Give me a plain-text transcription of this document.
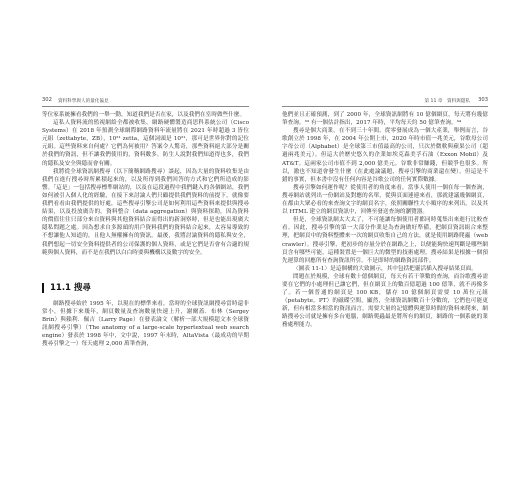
302 資料科學與人的量化偏見

等位家系統擁看我們的一舉一動，知道我們是否在家，以及我們在室時做些什麼。

這私人資料流的監視網絡全都被收集、網路硬體製造商思科系統公司（Cisco Systems）在 2018 年預測全球網際網路資料年流量將在 2021 年時超過 3 皆位元組（zettabyte，ZB），10²¹ zetta，這個詞頭是 10²¹，那可是世界你對的記位元組。這些資料來自何處？它們為何被用？答案令人驚奇，那些資料絕大部分是關於我們的資訊，但不讓我們使用的，資料數多，防生人說對我們知道得也多，我們的隱私及安全與隱而會有關。

我將從全球資訊網搜尋（以下簡稱網路搜尋）談起，因為大量的資料收集是由我們在進行搜尋時所累積起來的，以及所得到我們回答的方式和它們所造成的影響。「這是」一包括搜尋標準網站的，以及在這段過程中我們鍵入的各個網站，我們如何被引入個人化的經驗，在接下來討論人們只顧提供我們資料的前提下，就像要我們看看由我們提供的好處，這些搜尋引擎公司是如何利用這些資料來提供與搜尋結果，以及投放廣告的。資料整合（data aggregation）與資料探勘，因為資料的價值往往只部分來自資料與其他資料結合而得出的新洞察時，但是也能出現廣大隱私問題之處。因為想求自多源頭的用戶資料我們的資料結合起來，太容易導致的不想讓他人知道的，且他人無權擁有的資訊。最後，我將討論資料的隱私與安全，我們想起一切安全資料提供者的公司保護的個人資料，或是它們是否會有合適的規範與個人資料，而不是在我們以白白時要與機構以及數字的安全。

11.1 搜尋

網路搜尋始於 1995 年，以現在的標準來看，當時的全球資訊網搜尋當時還非常小，但據下來幾年，網頁數量及查詢數量快速上升，謝爾蓋．布林（Sergey Brin）與賴利．佩吉（Larry Page）在發表論文（解析一部大規模超文本全球資訊網搜尋引擎）（The anatomy of a large-scale hypertextual web search engine）發表於 1998 年中，文中說，1997 年末時，AltaVista（最成功的早期搜尋引擎之一）每天處理 2,000 萬筆查詢，

第 11 章　資料與隱私 303

他們並且正確預測，到了 2000 年，全球資訊網將有 10 億個網頁，每天將有幾億筆查詢。³³ 有一個估計指出，2017 年時，平均每天約 50 億筆查詢。³⁴

搜尋是個大商業，在不到三十年間，從零發展成為一個大產業，舉例而言，谷歌創立於 1998 年，在 2004 年公開上市，2020 年時市值一兆美元，谷歌母公司字母公司（Alphabet）是全球第三市值最高的公司，只次於微軟與蘋果公司（超過兩兆美元）。但這大於歷史悠久的企業如埃克森美孚石油（Exxon Mobil）及 AT&T。這兩家公司市值不到 2,000 億美元。谷歌非常賺錢，但競爭也很多。所以，激也不知道會發生什麼（在此處論議題，搜尋引擎的商業還在變）。但這是不錯的事實，但本書中沒有任何內容是谷歌公司的任何實際數據。

搜尋引擎如何運作呢？從使用者的角度來看，當事人使用一個在每一個查詢，搜尋網站就列出一份網站及對應的名單，從與頁面連連來看，那就建議幾個網頁，在都由大眾必看的來查詢文字的網頁名字，依照關聯性大小順序的來列出，以及其以 HTML 建立的網頁資訊中，回傳至發送查詢的瀏覽器。

但是，全球資訊網太大太了，不可能讓每個使用者都同時蒐集出來進行比較查看。因此，搜尋引擎的第一大部分作業是為查詢做好準備，把網頁資訊組合來整理，把網頁中的資料整體來一次的網頁收集自己的方法，就是使用網路爬蟲（web crawler）。搜尋引擎，把初步的存量分於在網路之上，以便能夠快速判斷是哪些網頁含有哪些可能，這種裝置是一個巨大的微型的技術處理，搜尋結果是根據一個預先運算的回應所有查詢資訊所引。不是即時的網路資訊部件。

〈圖表 11-1〉是這個構的大致圖示，其中包括把靈活插入搜尋結果頁面。

問題在於規模，全球有數十億個網頁，每天有若干筆數的查詢，而谷歌搜尋需要在它們的小處理但已讓它們，但在網頁上的數百億超過 100 億筆，就不再像多了。若一個普通的網頁是 100 KB，儲存 10 億個網頁需要 10 萬位元組（petabyte，PT）的磁碟空間，顯然，全球資訊網數百十分數的，它們也可能更新，但有相當多相當的資訊而言，需要大量的記憶體與運算時間的資料來爬來，網路搜尋公司就是擁有多台電腦，網路爬蟲最是將所有的網頁，網路的一個系統的業務處理能力。
